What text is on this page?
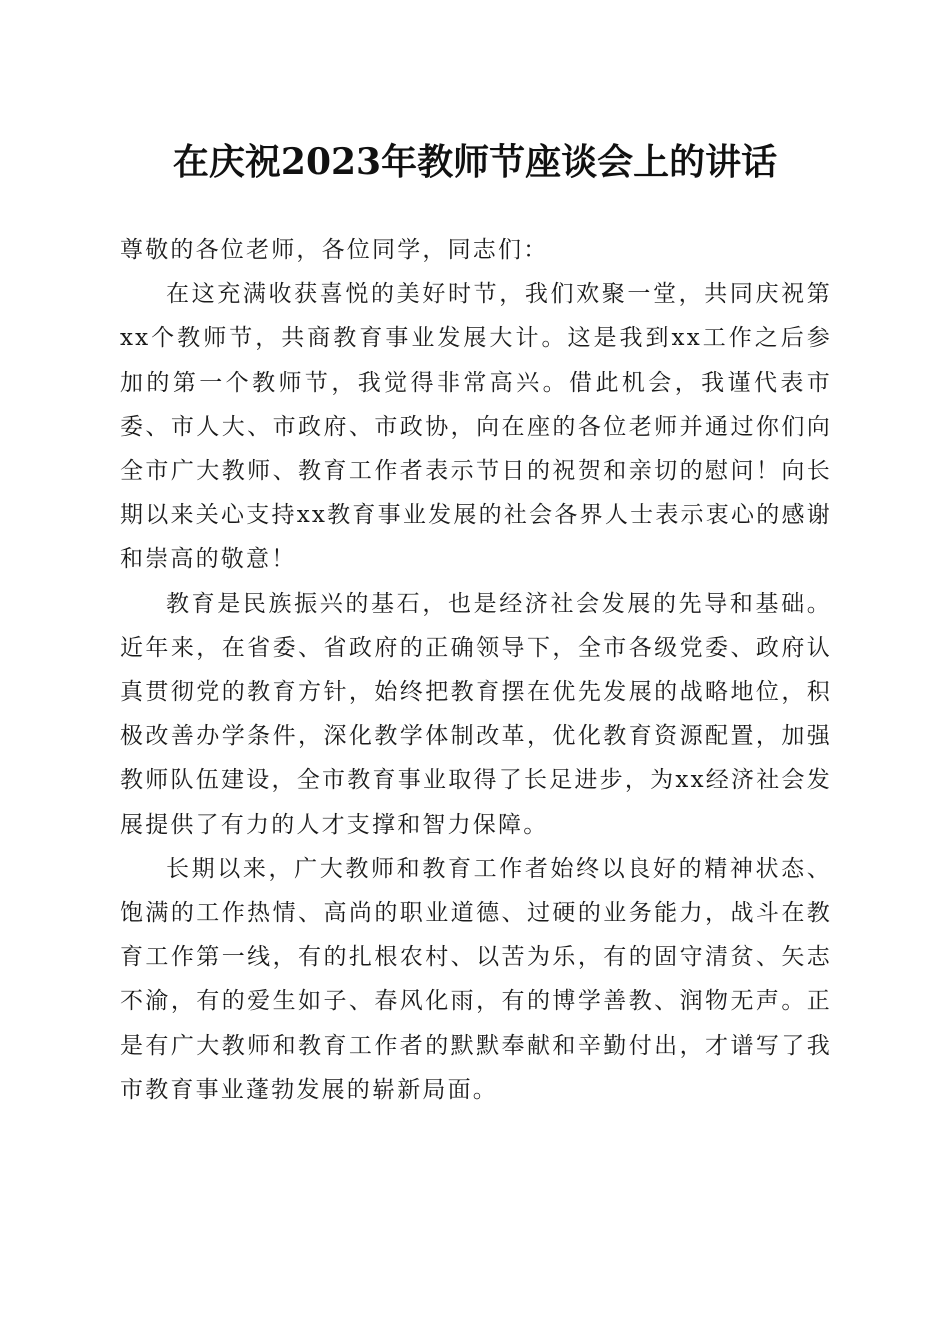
在庆祝2023年教师节座谈会上的讲话

尊敬的各位老师，各位同学，同志们：

在这充满收获喜悦的美好时节，我们欢聚一堂，共同庆祝第xx个教师节，共商教育事业发展大计。这是我到xx工作之后参加的第一个教师节，我觉得非常高兴。借此机会，我谨代表市委、市人大、市政府、市政协，向在座的各位老师并通过你们向全市广大教师、教育工作者表示节日的祝贺和亲切的慰问！向长期以来关心支持xx教育事业发展的社会各界人士表示衷心的感谢和崇高的敬意！

教育是民族振兴的基石，也是经济社会发展的先导和基础。近年来，在省委、省政府的正确领导下，全市各级党委、政府认真贯彻党的教育方针，始终把教育摆在优先发展的战略地位，积极改善办学条件，深化教学体制改革，优化教育资源配置，加强教师队伍建设，全市教育事业取得了长足进步，为xx经济社会发展提供了有力的人才支撑和智力保障。

长期以来，广大教师和教育工作者始终以良好的精神状态、饱满的工作热情、高尚的职业道德、过硬的业务能力，战斗在教育工作第一线，有的扎根农村、以苦为乐，有的固守清贫、矢志不渝，有的爱生如子、春风化雨，有的博学善教、润物无声。正是有广大教师和教育工作者的默默奉献和辛勤付出，才谱写了我市教育事业蓬勃发展的崭新局面。
